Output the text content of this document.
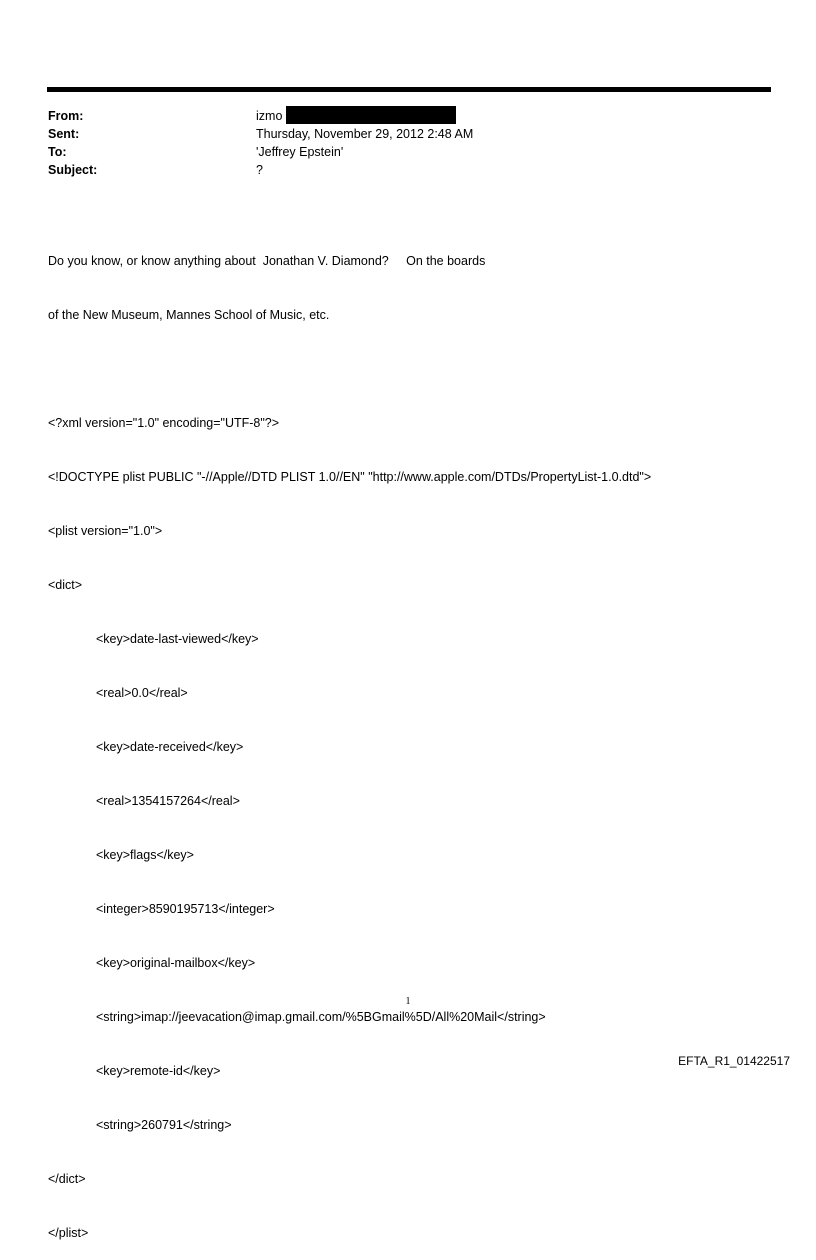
From:	izmo
Sent:	Thursday, November 29, 2012 2:48 AM
To:	'Jeffrey Epstein'
Subject:	?

Do you know, or know anything about  Jonathan V. Diamond?     On the boards

of the New Museum, Mannes School of Music, etc.

<?xml version="1.0" encoding="UTF-8"?>

<!DOCTYPE plist PUBLIC "-//Apple//DTD PLIST 1.0//EN" "http://www.apple.com/DTDs/PropertyList-1.0.dtd">

<plist version="1.0">

<dict>

<key>date-last-viewed</key>

<real>0.0</real>

<key>date-received</key>

<real>1354157264</real>

<key>flags</key>

<integer>8590195713</integer>

<key>original-mailbox</key>

<string>imap://jeevacation@imap.gmail.com/%5BGmail%5D/All%20Mail</string>

<key>remote-id</key>

<string>260791</string>

</dict>

</plist>

1
EFTA_R1_01422517
